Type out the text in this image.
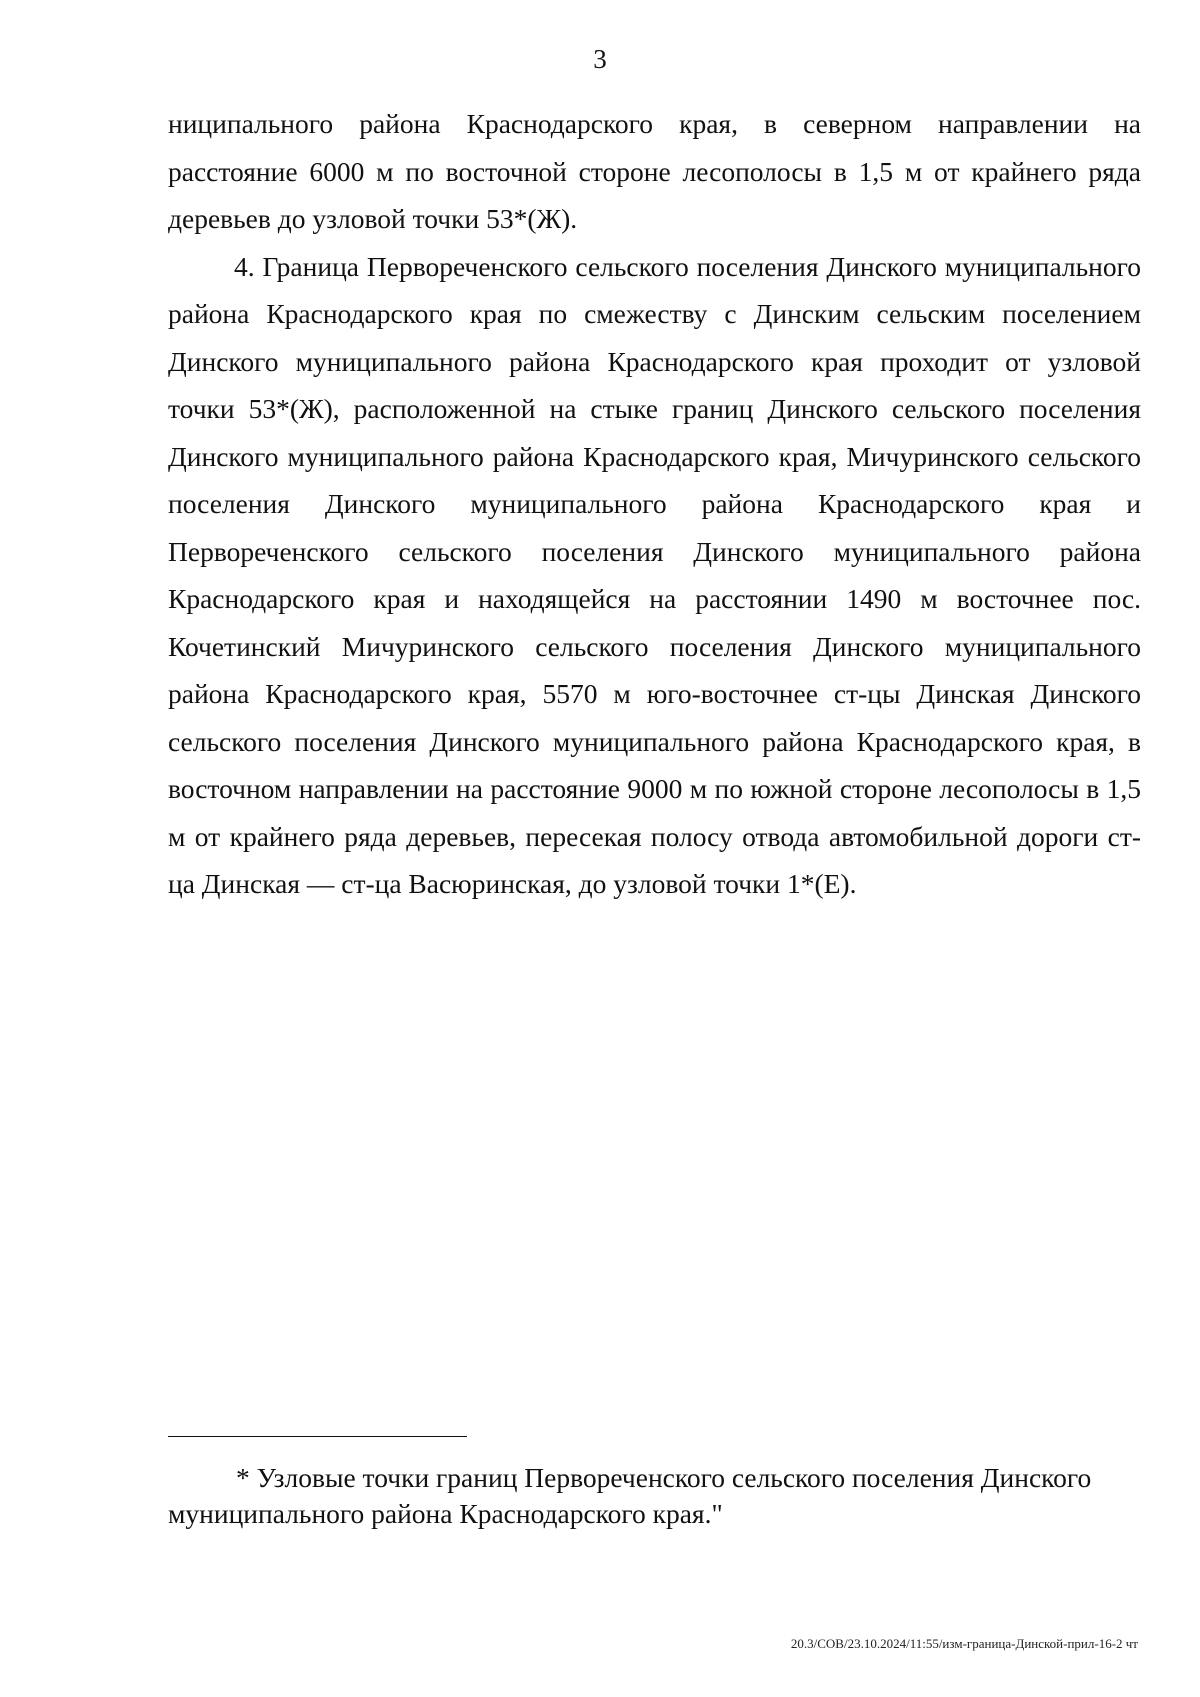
3

ниципального района Краснодарского края, в северном направлении на расстояние 6000 м по восточной стороне лесополосы в 1,5 м от крайнего ряда деревьев до узловой точки 53*(Ж).

4. Граница Первореченского сельского поселения Динского муниципального района Краснодарского края по смежеству с Динским сельским поселением Динского муниципального района Краснодарского края проходит от узловой точки 53*(Ж), расположенной на стыке границ Динского сельского поселения Динского муниципального района Краснодарского края, Мичуринского сельского поселения Динского муниципального района Краснодарского края и Первореченского сельского поселения Динского муниципального района Краснодарского края и находящейся на расстоянии 1490 м восточнее пос. Кочетинский Мичуринского сельского поселения Динского муниципального района Краснодарского края, 5570 м юго-восточнее ст-цы Динская Динского сельского поселения Динского муниципального района Краснодарского края, в восточном направлении на расстояние 9000 м по южной стороне лесополосы в 1,5 м от крайнего ряда деревьев, пересекая полосу отвода автомобильной дороги ст-ца Динская — ст-ца Васюринская, до узловой точки 1*(Е).

* Узловые точки границ Первореченского сельского поселения Динского муниципального района Краснодарского края."

20.3/СОВ/23.10.2024/11:55/изм-граница-Динской-прил-16-2 чт
